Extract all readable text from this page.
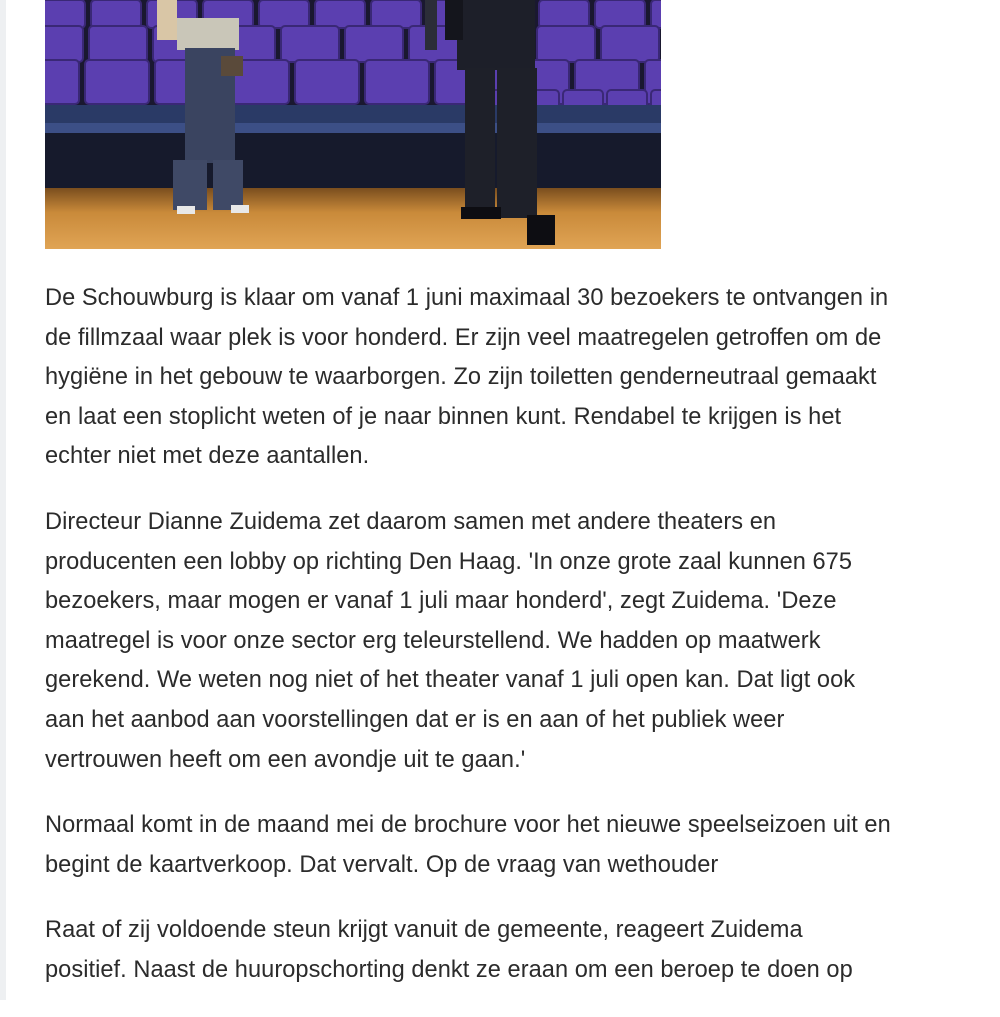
De Schouwburg is klaar om vanaf 1 juni maximaal 30 bezoekers te ontvangen in
de fillmzaal waar plek is voor honderd. Er zijn veel maatregelen getroffen om de
hygiëne in het gebouw te waarborgen. Zo zijn toiletten genderneutraal gemaakt
en laat een stoplicht weten of je naar binnen kunt. Rendabel te krijgen is het
echter niet met deze aantallen.

Directeur Dianne Zuidema zet daarom samen met andere theaters en
producenten een lobby op richting Den Haag. 'In onze grote zaal kunnen 675
bezoekers, maar mogen er vanaf 1 juli maar honderd', zegt Zuidema. 'Deze
maatregel is voor onze sector erg teleurstellend. We hadden op maatwerk
gerekend. We weten nog niet of het theater vanaf 1 juli open kan. Dat ligt ook
aan het aanbod aan voorstellingen dat er is en aan of het publiek weer
vertrouwen heeft om een avondje uit te gaan.'

Normaal komt in de maand mei de brochure voor het nieuwe speelseizoen uit en
begint de kaartverkoop. Dat vervalt. Op de vraag van wethouder

Raat of zij voldoende steun krijgt vanuit de gemeente, reageert Zuidema
positief. Naast de huuropschorting denkt ze eraan om een beroep te doen op
